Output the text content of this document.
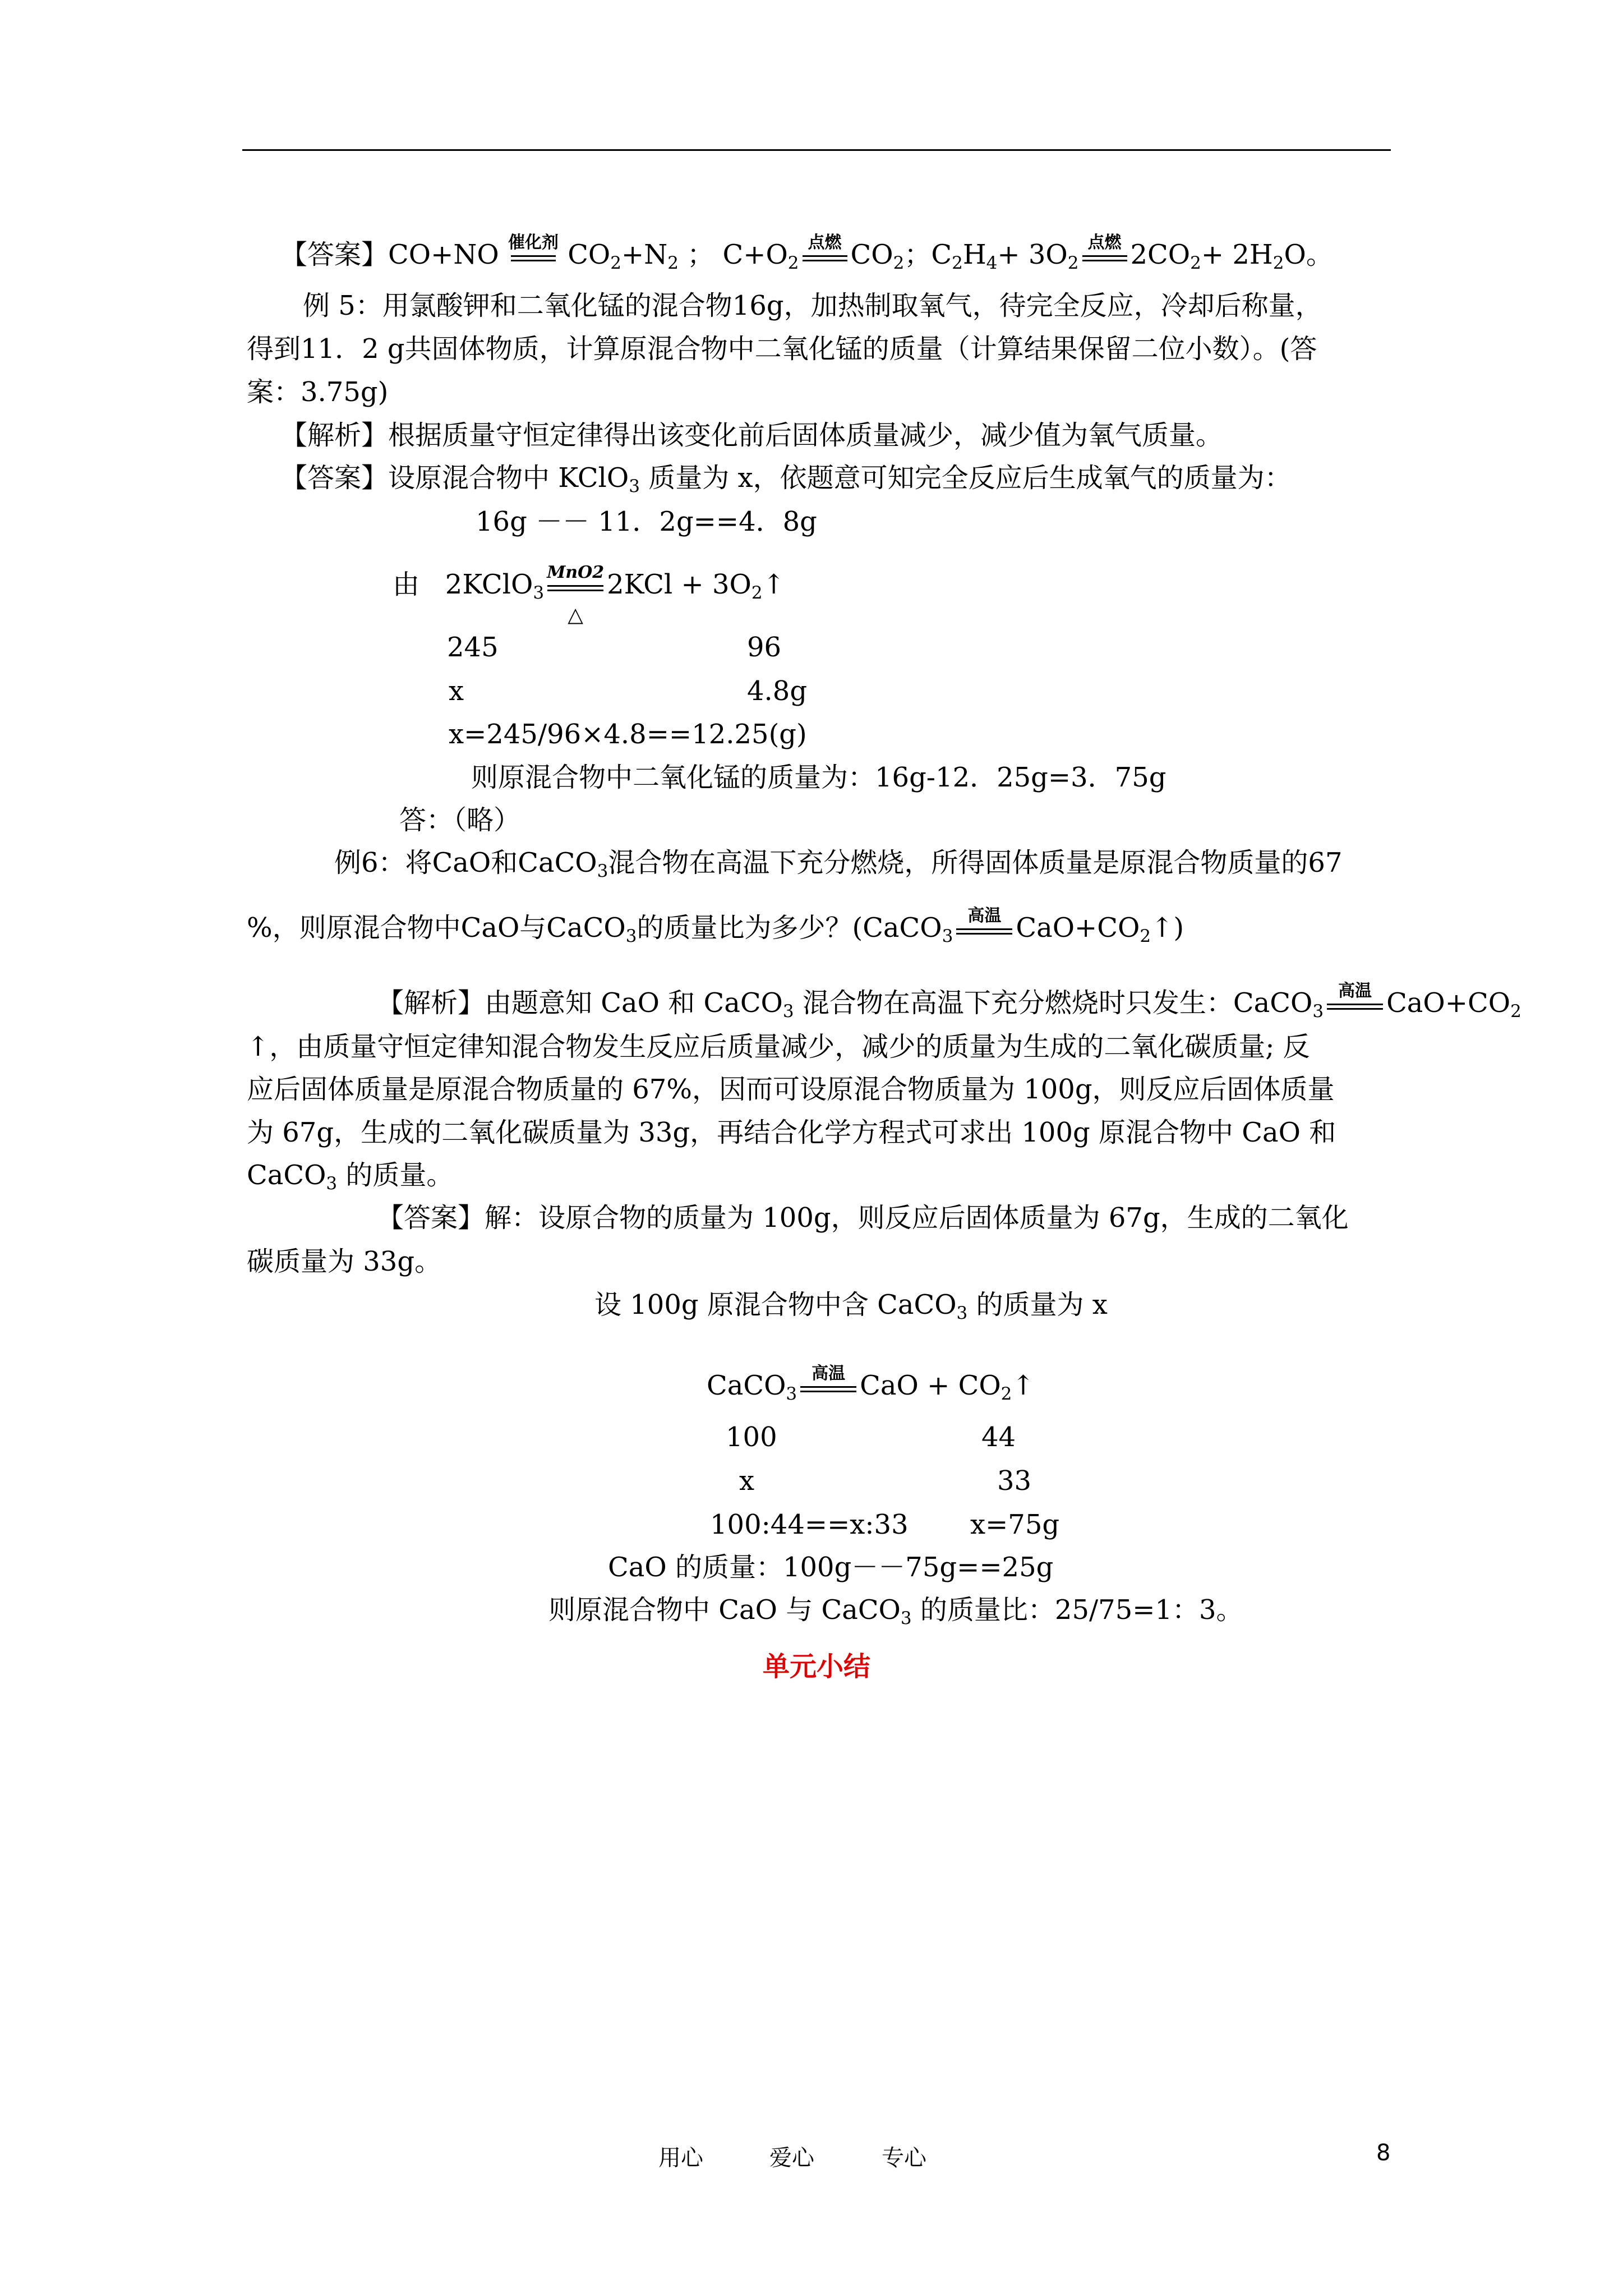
【答案】CO+NO 催化剂 $CO_2+N_2$ ； $C+O_2$
点燃 $CO_2$；$C_2H_4+ 3O_2$
点燃 $2CO_2+ 2H_2O$。
例 5：用氯酸钾和二氧化锰的混合物16g，加热制取氧气，待完全反应，冷却后称量，
得到11．2 g共固体物质，计算原混合物中二氧化锰的质量（计算结果保留二位小数）。(答
案：3.75g)
【解析】根据质量守恒定律得出该变化前后固体质量减少，减少值为氧气质量。
【答案】设原混合物中 KClO$_3$ 质量为 x，依题意可知完全反应后生成氧气的质量为：
16g －－ 11．2g==4．8g
由 2KClO$_3$
MnO2
△
$2KCl + 3O_2↑$
245	96
x	4.8g
x=245/96×4.8==12.25(g)
则原混合物中二氧化锰的质量为：16g-12．25g=3．75g
答：（略）
例6：将CaO和CaCO$_3$混合物在高温下充分燃烧，所得固体质量是原混合物质量的67
%，则原混合物中CaO与CaCO$_3$的质量比为多少？(CaCO$_3$
高温 $CaO+CO_2↑$)
【解析】由题意知 CaO 和 CaCO$_3$ 混合物在高温下充分燃烧时只发生：CaCO$_3$
高温 $CaO+CO_2$
↑，由质量守恒定律知混合物发生反应后质量减少，减少的质量为生成的二氧化碳质量; 反
应后固体质量是原混合物质量的 67%，因而可设原混合物质量为 100g，则反应后固体质量
为 67g，生成的二氧化碳质量为 33g，再结合化学方程式可求出 100g 原混合物中 CaO 和
CaCO$_3$ 的质量。
【答案】解：设原合物的质量为 100g，则反应后固体质量为 67g，生成的二氧化
碳质量为 33g。
设 100g 原混合物中含 CaCO$_3$ 的质量为 x
CaCO$_3$
高温 CaO + $CO_2↑$
100	44
x	33
100:44==x:33 x=75g
CaO 的质量：100g－－75g==25g
则原混合物中 CaO 与 CaCO$_3$ 的质量比：25/75=1：3。
单元小结
用心	爱心	专心	8
